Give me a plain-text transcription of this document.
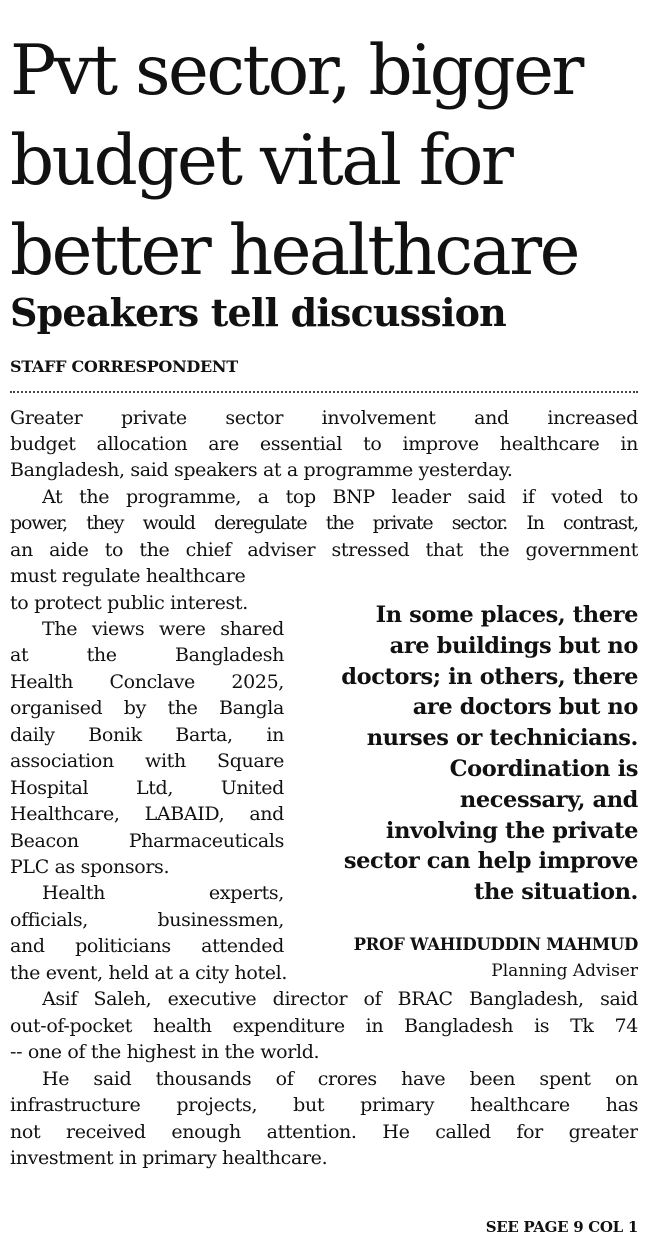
Pvt sector, bigger
budget vital for
better healthcare
Speakers tell discussion
STAFF CORRESPONDENT
Greater private sector involvement and increased
budget allocation are essential to improve healthcare in
Bangladesh, said speakers at a programme yesterday.
At the programme, a top BNP leader said if voted to
power, they would deregulate the private sector. In contrast,
an aide to the chief adviser stressed that the government
must regulate healthcare
to protect public interest.
The views were shared
at the Bangladesh
Health Conclave 2025,
organised by the Bangla
daily Bonik Barta, in
association with Square
Hospital Ltd, United
Healthcare, LABAID, and
Beacon Pharmaceuticals
PLC as sponsors.
Health experts,
officials, businessmen,
and politicians attended
the event, held at a city hotel.
Asif Saleh, executive director of BRAC Bangladesh, said
out-of-pocket health expenditure in Bangladesh is Tk 74
-- one of the highest in the world.
He said thousands of crores have been spent on
infrastructure projects, but primary healthcare has
not received enough attention. He called for greater
investment in primary healthcare.
In some places, there
are buildings but no
doctors; in others, there
are doctors but no
nurses or technicians.
Coordination is
necessary, and
involving the private
sector can help improve
the situation.
PROF WAHIDUDDIN MAHMUD
Planning Adviser
SEE PAGE 9 COL 1
